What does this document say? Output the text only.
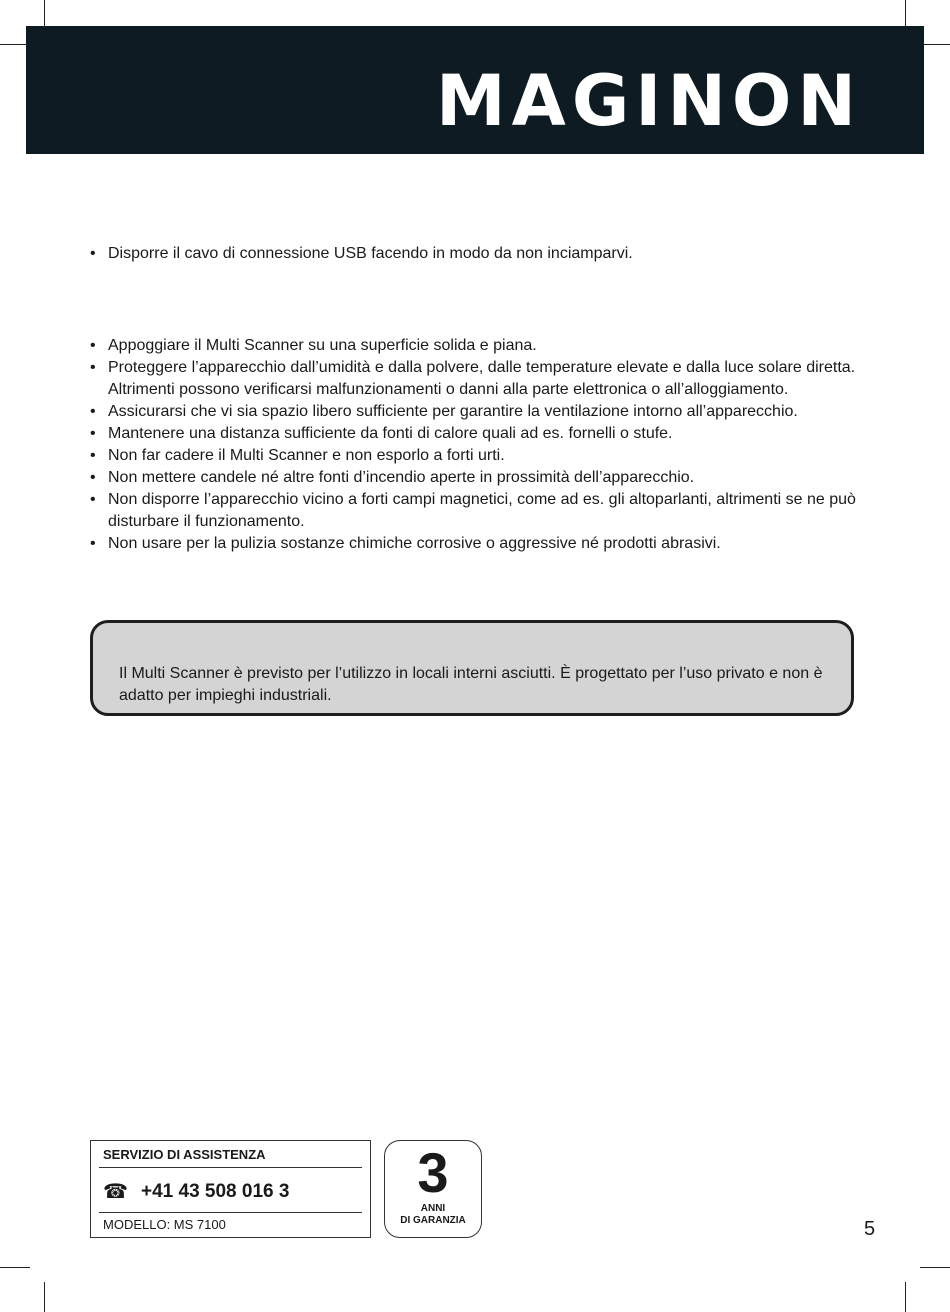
MAGINON
• Disporre il cavo di connessione USB facendo in modo da non inciamparvi.
• Appoggiare il Multi Scanner su una superficie solida e piana.
• Proteggere l’apparecchio dall’umidità e dalla polvere, dalle temperature elevate e dalla luce solare diretta. Altrimenti possono verificarsi malfunzionamenti o danni alla parte elettronica o all’alloggiamento.
• Assicurarsi che vi sia spazio libero sufficiente per garantire la ventilazione intorno all’apparecchio.
• Mantenere una distanza sufficiente da fonti di calore quali ad es. fornelli o stufe.
• Non far cadere il Multi Scanner e non esporlo a forti urti.
• Non mettere candele né altre fonti d’incendio aperte in prossimità dell’apparecchio.
• Non disporre l’apparecchio vicino a forti campi magnetici, come ad es. gli altoparlanti, altrimenti se ne può disturbare il funzionamento.
• Non usare per la pulizia sostanze chimiche corrosive o aggressive né prodotti abrasivi.
Il Multi Scanner è previsto per l’utilizzo in locali interni asciutti. È progettato per l’uso privato e non è adatto per impieghi industriali.
SERVIZIO DI ASSISTENZA
☎ +41 43 508 016 3
MODELLO: MS 7100
3
ANNI
DI GARANZIA	5
